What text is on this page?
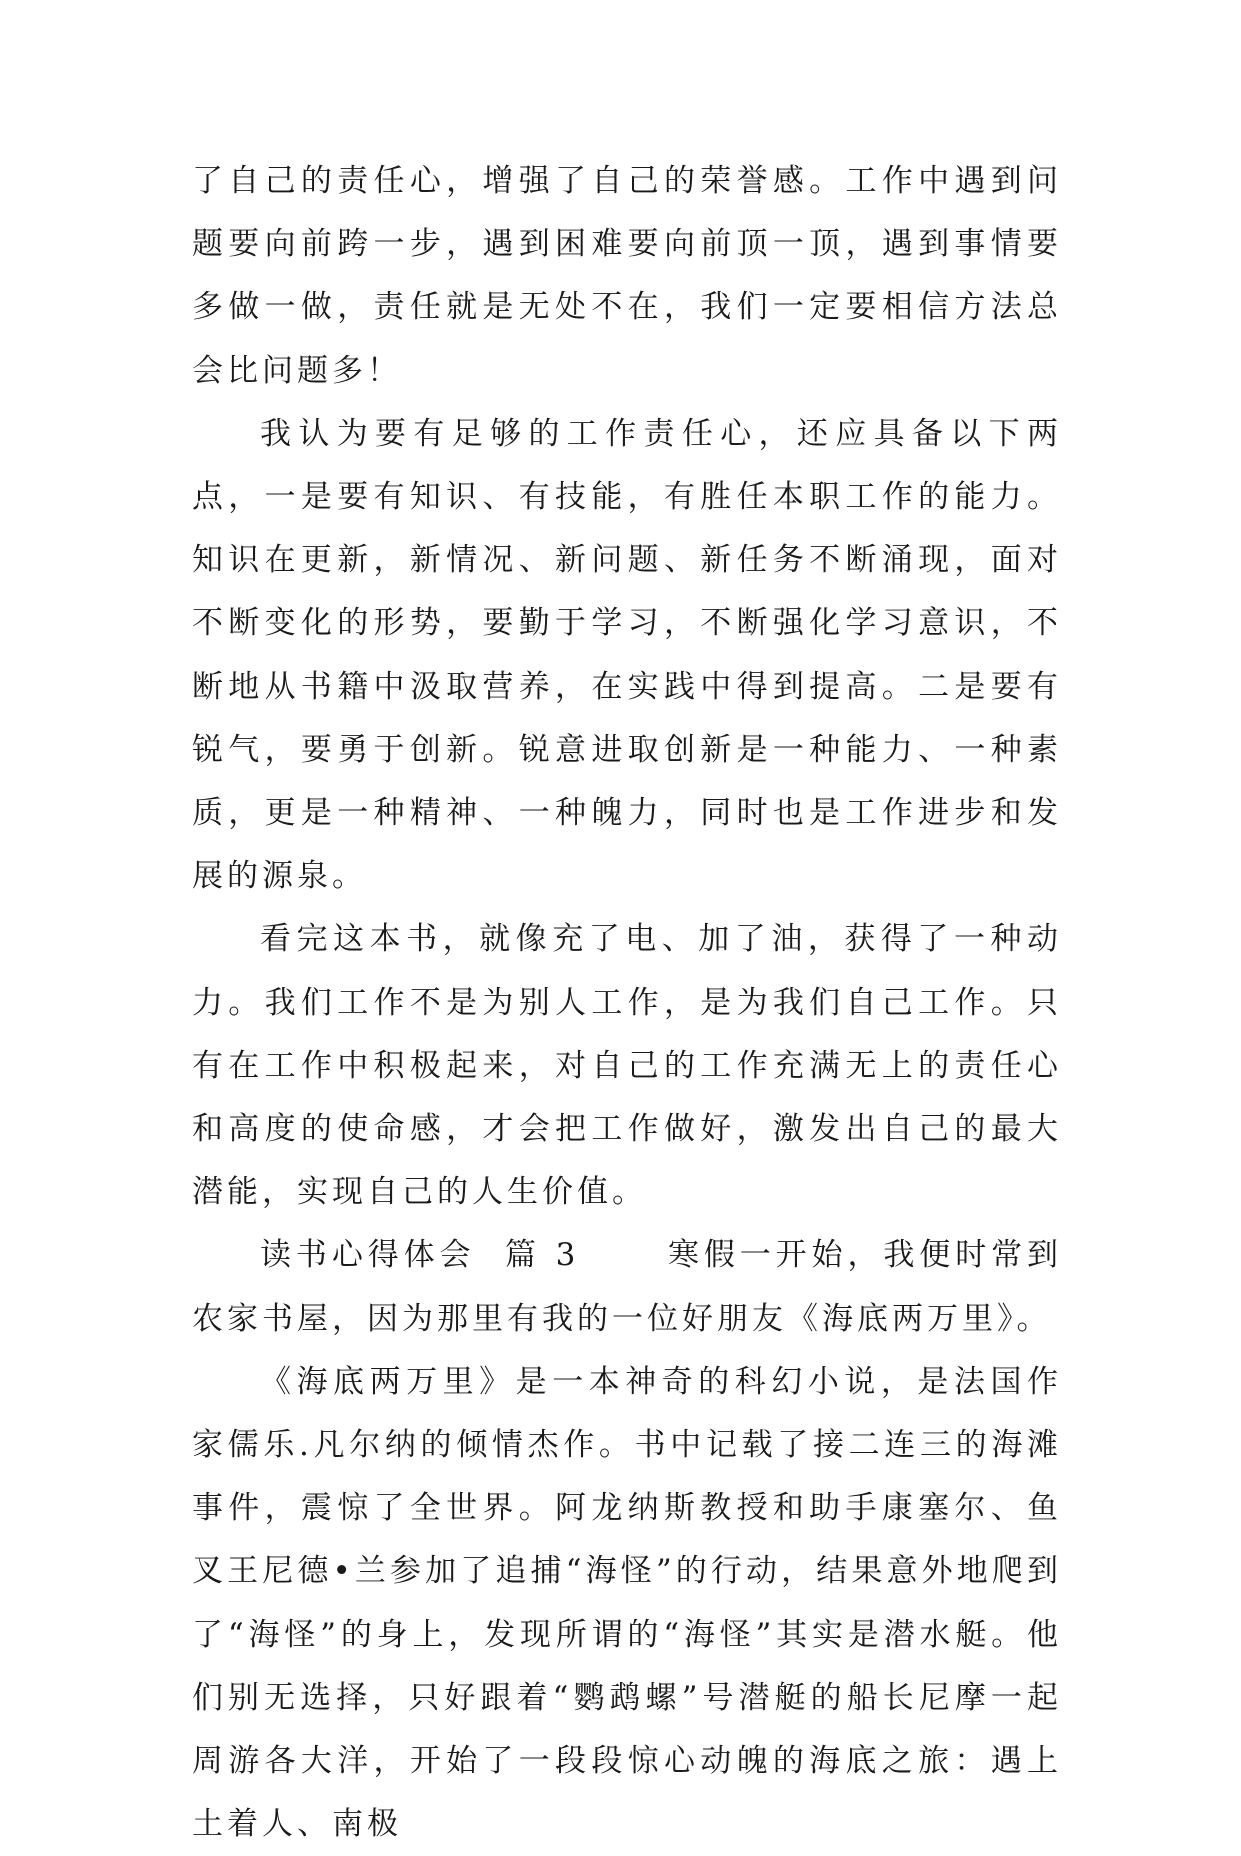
了自己的责任心，增强了自己的荣誉感。工作中遇到问题要向前跨一步，遇到困难要向前顶一顶，遇到事情要多做一做，责任就是无处不在，我们一定要相信方法总会比问题多！

我认为要有足够的工作责任心，还应具备以下两点，一是要有知识、有技能，有胜任本职工作的能力。知识在更新，新情况、新问题、新任务不断涌现，面对不断变化的形势，要勤于学习，不断强化学习意识，不断地从书籍中汲取营养，在实践中得到提高。二是要有锐气，要勇于创新。锐意进取创新是一种能力、一种素质，更是一种精神、一种魄力，同时也是工作进步和发展的源泉。

看完这本书，就像充了电、加了油，获得了一种动力。我们工作不是为别人工作，是为我们自己工作。只有在工作中积极起来，对自己的工作充满无上的责任心和高度的使命感，才会把工作做好，激发出自己的最大潜能，实现自己的人生价值。

读书心得体会  篇 3	寒假一开始，我便时常到农家书屋，因为那里有我的一位好朋友《海底两万里》。

《海底两万里》是一本神奇的科幻小说，是法国作家儒乐.凡尔纳的倾情杰作。书中记载了接二连三的海滩事件，震惊了全世界。阿龙纳斯教授和助手康塞尔、鱼叉王尼德•兰参加了追捕“海怪”的行动，结果意外地爬到了“海怪”的身上，发现所谓的“海怪”其实是潜水艇。他们别无选择，只好跟着“鹦鹉螺”号潜艇的船长尼摩一起周游各大洋，开始了一段段惊心动魄的海底之旅：遇上土着人、南极
